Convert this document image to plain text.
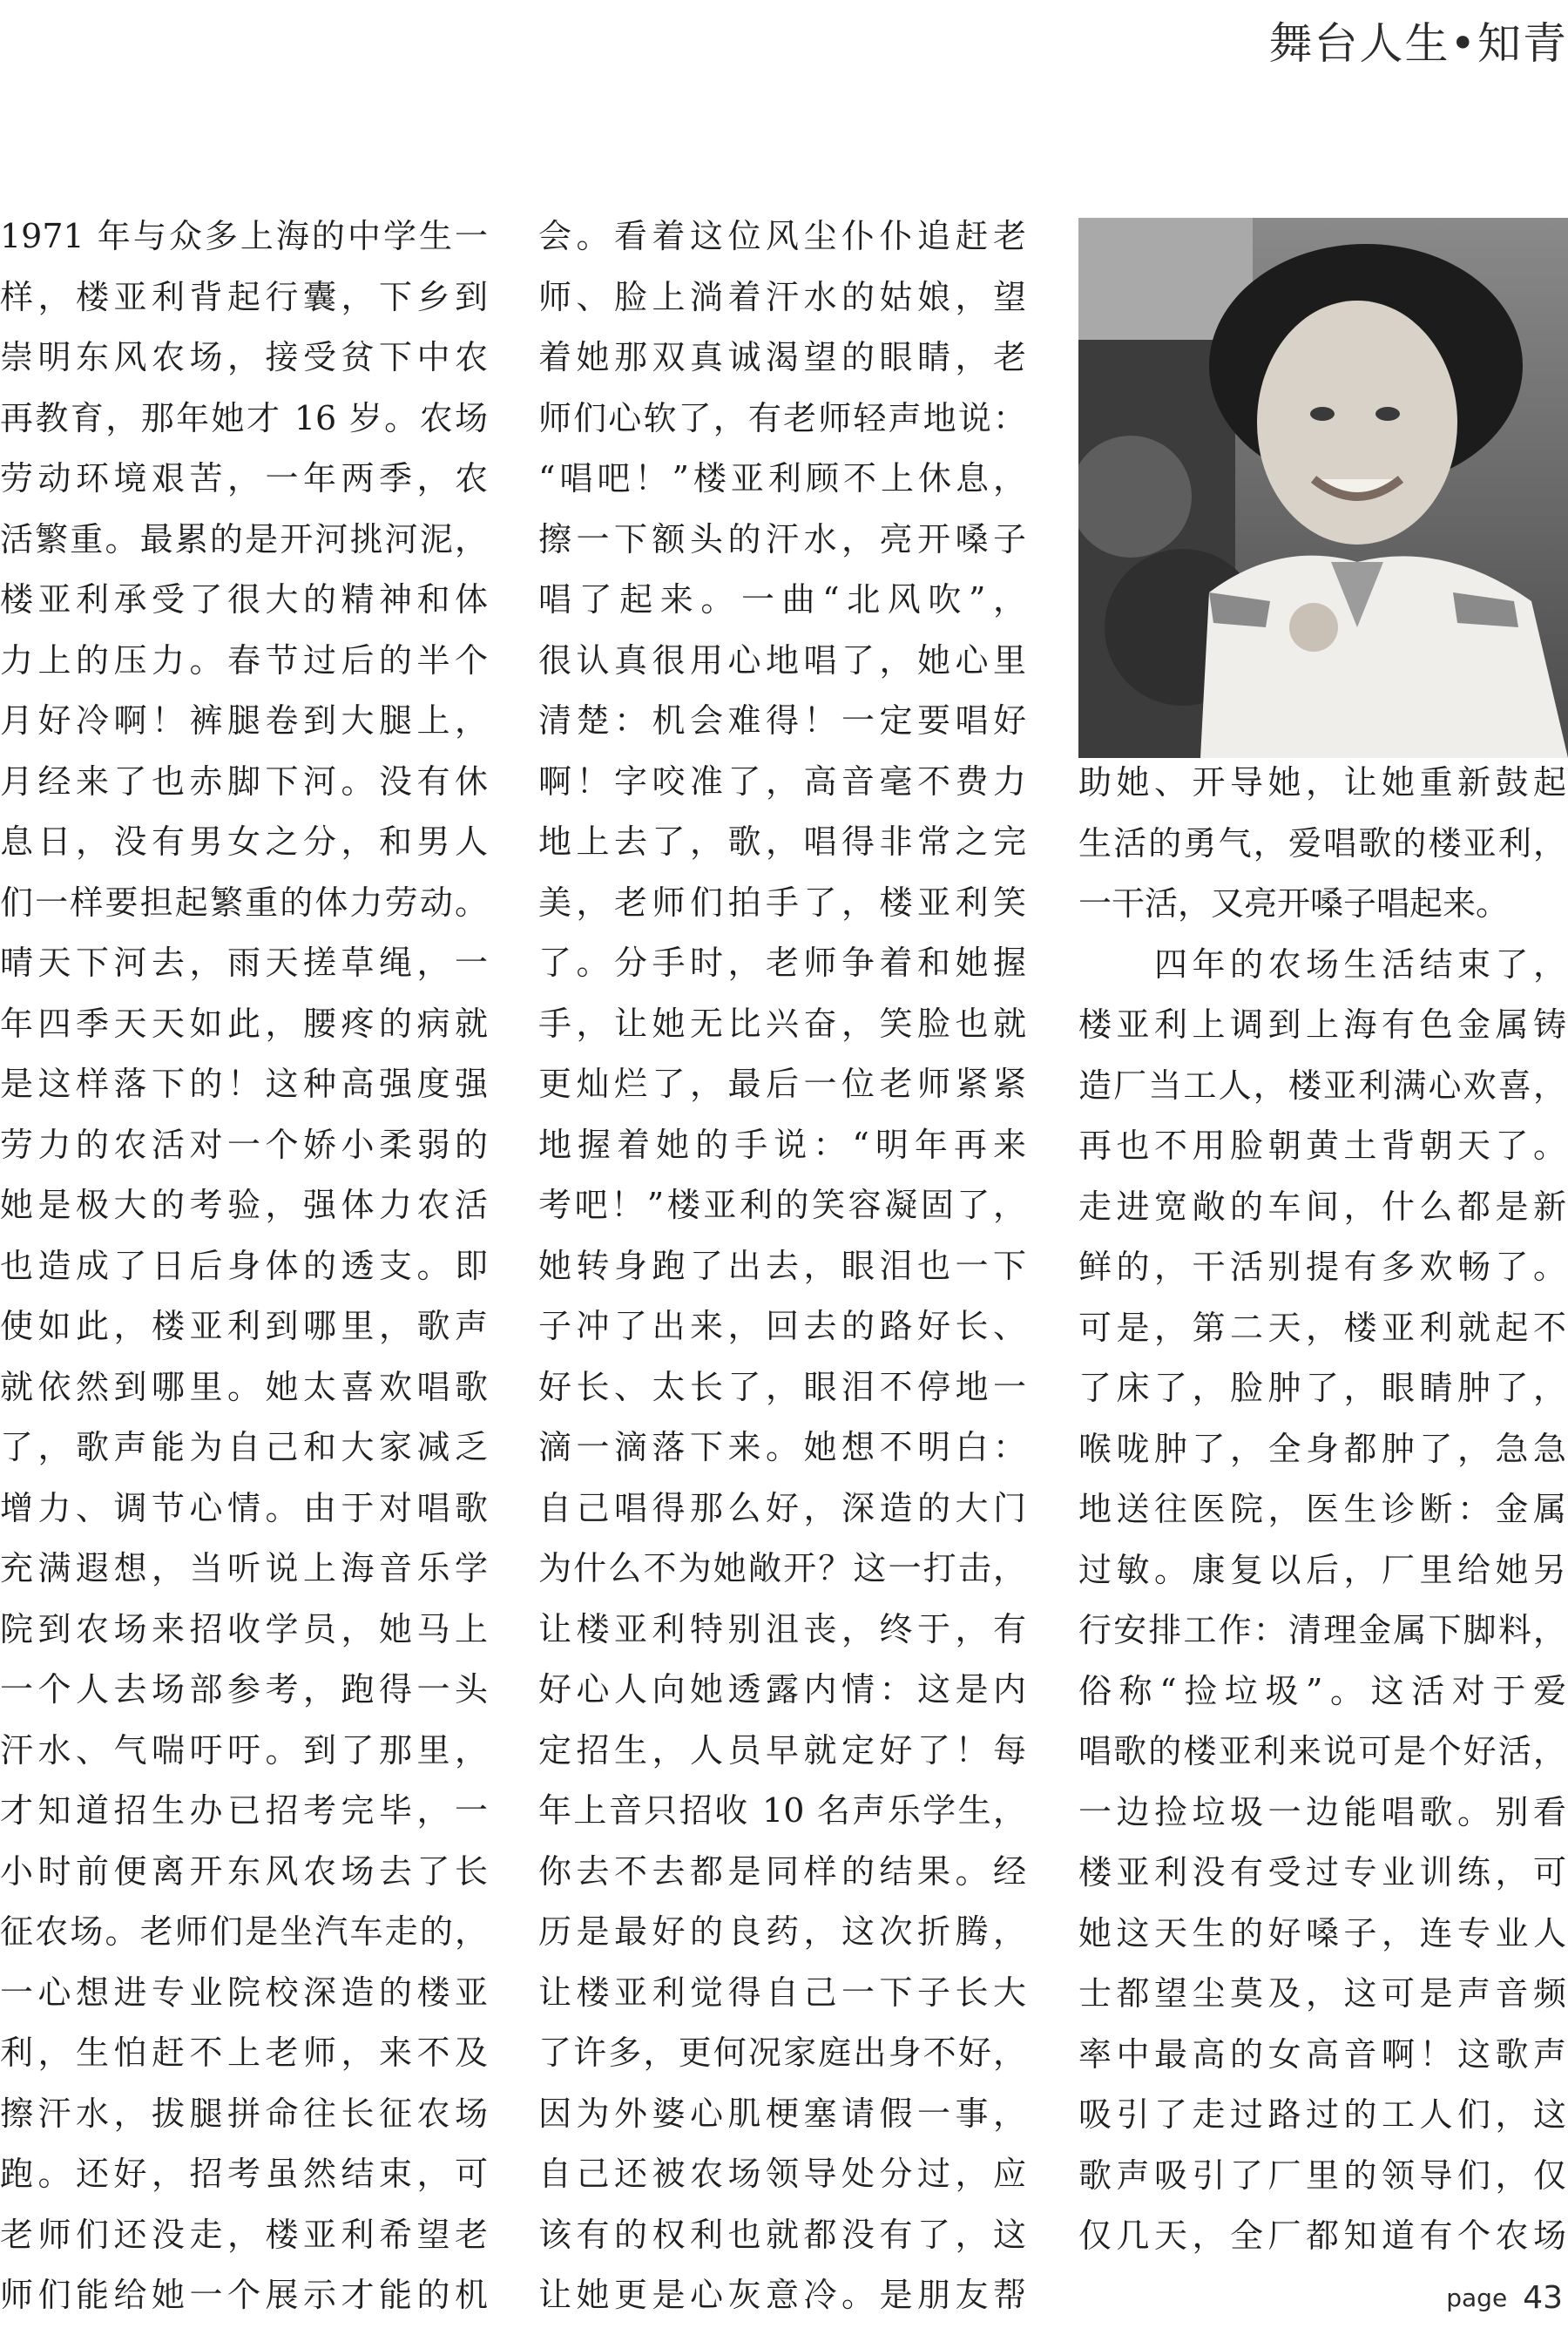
舞台人生•知青
1971 年与众多上海的中学生一
样，楼亚利背起行囊，下乡到
崇明东风农场，接受贫下中农
再教育，那年她才 16 岁。农场
劳动环境艰苦，一年两季，农
活繁重。最累的是开河挑河泥，
楼亚利承受了很大的精神和体
力上的压力。春节过后的半个
月好冷啊！裤腿卷到大腿上，
月经来了也赤脚下河。没有休
息日，没有男女之分，和男人
们一样要担起繁重的体力劳动。
晴天下河去，雨天搓草绳，一
年四季天天如此，腰疼的病就
是这样落下的！这种高强度强
劳力的农活对一个娇小柔弱的
她是极大的考验，强体力农活
也造成了日后身体的透支。即
使如此，楼亚利到哪里，歌声
就依然到哪里。她太喜欢唱歌
了，歌声能为自己和大家减乏
增力、调节心情。由于对唱歌
充满遐想，当听说上海音乐学
院到农场来招收学员，她马上
一个人去场部参考，跑得一头
汗水、气喘吁吁。到了那里，
才知道招生办已招考完毕，一
小时前便离开东风农场去了长
征农场。老师们是坐汽车走的，
一心想进专业院校深造的楼亚
利，生怕赶不上老师，来不及
擦汗水，拔腿拼命往长征农场
跑。还好，招考虽然结束，可
老师们还没走，楼亚利希望老
师们能给她一个展示才能的机
会。看着这位风尘仆仆追赶老
师、脸上淌着汗水的姑娘，望
着她那双真诚渴望的眼睛，老
师们心软了，有老师轻声地说：
“唱吧！”楼亚利顾不上休息，
擦一下额头的汗水，亮开嗓子
唱了起来。一曲“北风吹”，
很认真很用心地唱了，她心里
清楚：机会难得！一定要唱好
啊！字咬准了，高音毫不费力
地上去了，歌，唱得非常之完
美，老师们拍手了，楼亚利笑
了。分手时，老师争着和她握
手，让她无比兴奋，笑脸也就
更灿烂了，最后一位老师紧紧
地握着她的手说：“明年再来
考吧！”楼亚利的笑容凝固了，
她转身跑了出去，眼泪也一下
子冲了出来，回去的路好长、
好长、太长了，眼泪不停地一
滴一滴落下来。她想不明白：
自己唱得那么好，深造的大门
为什么不为她敞开？这一打击，
让楼亚利特别沮丧，终于，有
好心人向她透露内情：这是内
定招生，人员早就定好了！每
年上音只招收 10 名声乐学生，
你去不去都是同样的结果。经
历是最好的良药，这次折腾，
让楼亚利觉得自己一下子长大
了许多，更何况家庭出身不好，
因为外婆心肌梗塞请假一事，
自己还被农场领导处分过，应
该有的权利也就都没有了，这
让她更是心灰意冷。是朋友帮
助她、开导她，让她重新鼓起
生活的勇气，爱唱歌的楼亚利，
一干活，又亮开嗓子唱起来。
　　四年的农场生活结束了，
楼亚利上调到上海有色金属铸
造厂当工人，楼亚利满心欢喜，
再也不用脸朝黄土背朝天了。
走进宽敞的车间，什么都是新
鲜的，干活别提有多欢畅了。
可是，第二天，楼亚利就起不
了床了，脸肿了，眼睛肿了，
喉咙肿了，全身都肿了，急急
地送往医院，医生诊断：金属
过敏。康复以后，厂里给她另
行安排工作：清理金属下脚料，
俗称“捡垃圾”。这活对于爱
唱歌的楼亚利来说可是个好活，
一边捡垃圾一边能唱歌。别看
楼亚利没有受过专业训练，可
她这天生的好嗓子，连专业人
士都望尘莫及，这可是声音频
率中最高的女高音啊！这歌声
吸引了走过路过的工人们，这
歌声吸引了厂里的领导们，仅
仅几天，全厂都知道有个农场
page 43
